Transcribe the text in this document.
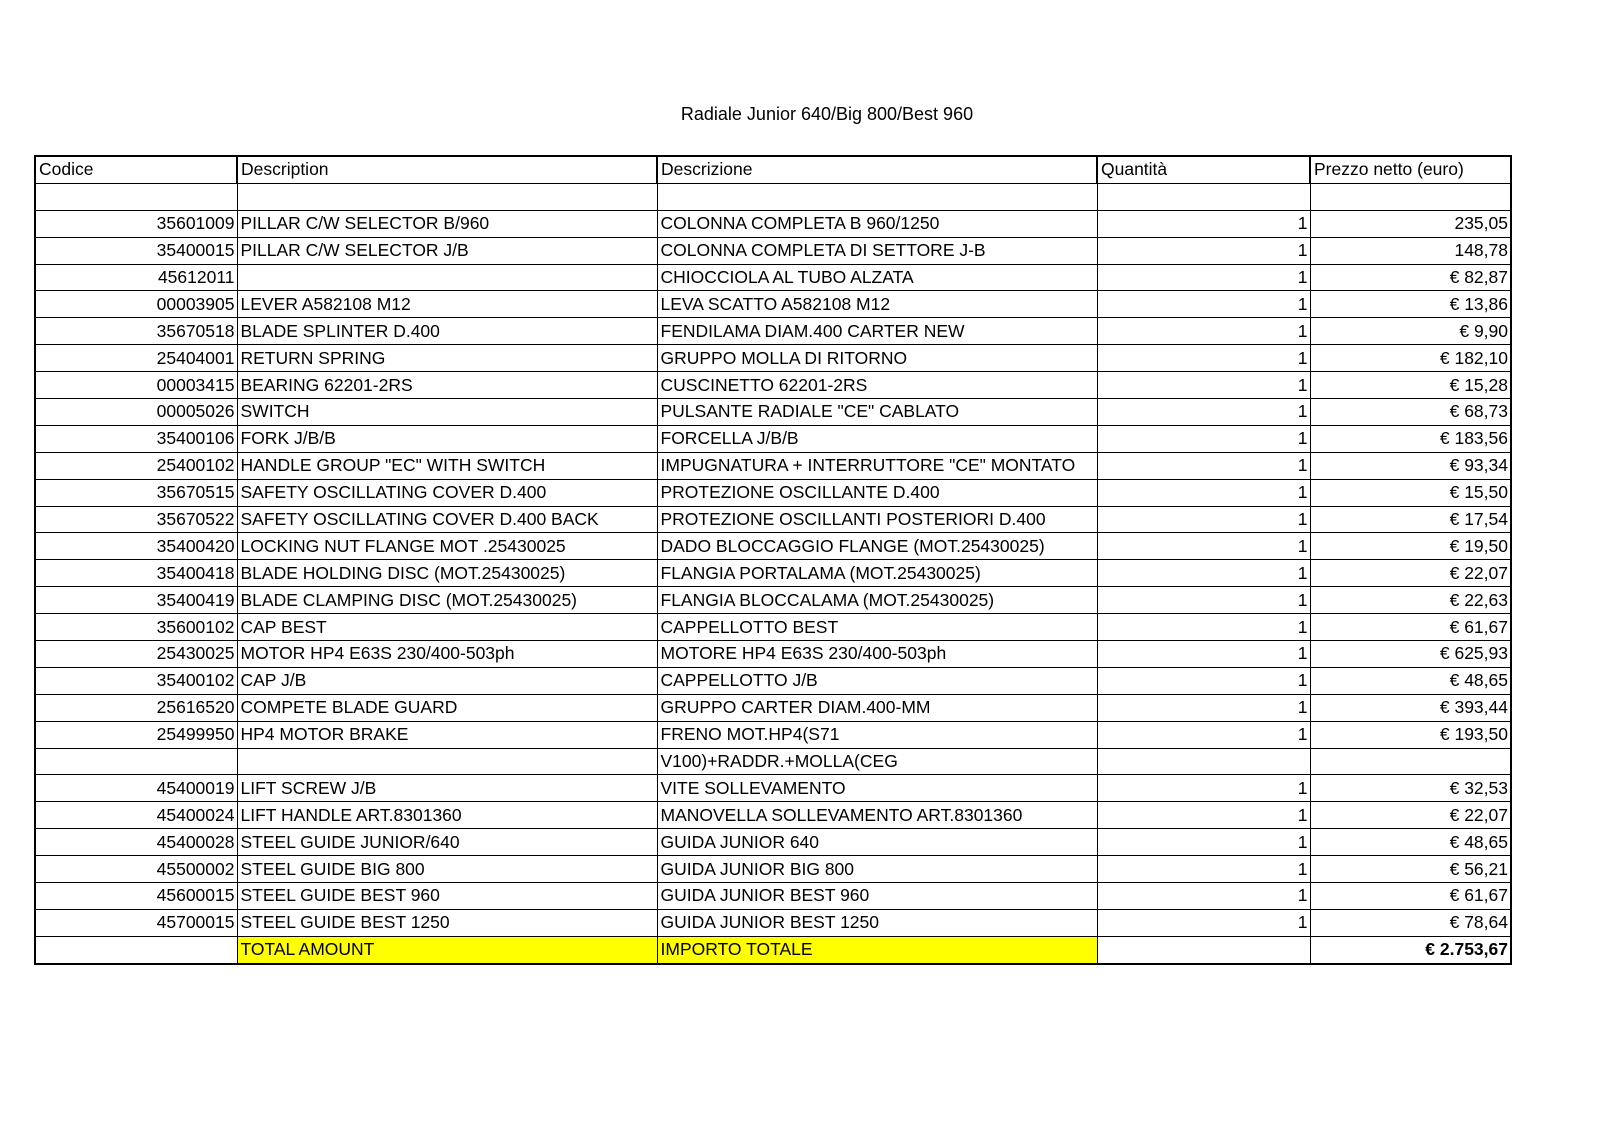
Radiale Junior 640/Big 800/Best 960
Codice	Description	Descrizione	Quantità	Prezzo netto (euro)

35601009	PILLAR C/W SELECTOR B/960	COLONNA COMPLETA B 960/1250	1	235,05
35400015	PILLAR C/W SELECTOR J/B	COLONNA COMPLETA DI SETTORE J-B	1	148,78
45612011		CHIOCCIOLA AL TUBO ALZATA	1	€ 82,87
00003905	LEVER A582108 M12	LEVA SCATTO A582108 M12	1	€ 13,86
35670518	BLADE SPLINTER D.400	FENDILAMA DIAM.400 CARTER NEW	1	€ 9,90
25404001	RETURN SPRING	GRUPPO MOLLA DI RITORNO	1	€ 182,10
00003415	BEARING 62201-2RS	CUSCINETTO 62201-2RS	1	€ 15,28
00005026	SWITCH	PULSANTE RADIALE "CE" CABLATO	1	€ 68,73
35400106	FORK J/B/B	FORCELLA J/B/B	1	€ 183,56
25400102	HANDLE GROUP "EC" WITH SWITCH	IMPUGNATURA + INTERRUTTORE "CE" MONTATO	1	€ 93,34
35670515	SAFETY OSCILLATING COVER D.400	PROTEZIONE OSCILLANTE D.400	1	€ 15,50
35670522	SAFETY OSCILLATING COVER D.400 BACK	PROTEZIONE OSCILLANTI POSTERIORI D.400	1	€ 17,54
35400420	LOCKING NUT FLANGE MOT .25430025	DADO BLOCCAGGIO FLANGE (MOT.25430025)	1	€ 19,50
35400418	BLADE HOLDING DISC (MOT.25430025)	FLANGIA PORTALAMA (MOT.25430025)	1	€ 22,07
35400419	BLADE CLAMPING DISC (MOT.25430025)	FLANGIA BLOCCALAMA (MOT.25430025)	1	€ 22,63
35600102	CAP BEST	CAPPELLOTTO BEST	1	€ 61,67
25430025	MOTOR HP4 E63S 230/400-503ph	MOTORE HP4 E63S 230/400-503ph	1	€ 625,93
35400102	CAP J/B	CAPPELLOTTO J/B	1	€ 48,65
25616520	COMPETE BLADE GUARD	GRUPPO CARTER DIAM.400-MM	1	€ 393,44
25499950	HP4 MOTOR BRAKE	FRENO MOT.HP4(S71	1	€ 193,50
		V100)+RADDR.+MOLLA(CEG		
45400019	LIFT SCREW J/B	VITE SOLLEVAMENTO	1	€ 32,53
45400024	LIFT HANDLE ART.8301360	MANOVELLA SOLLEVAMENTO ART.8301360	1	€ 22,07
45400028	STEEL GUIDE JUNIOR/640	GUIDA JUNIOR 640	1	€ 48,65
45500002	STEEL GUIDE BIG 800	GUIDA JUNIOR BIG 800	1	€ 56,21
45600015	STEEL GUIDE BEST 960	GUIDA JUNIOR BEST 960	1	€ 61,67
45700015	STEEL GUIDE BEST 1250	GUIDA JUNIOR BEST 1250	1	€ 78,64
	TOTAL AMOUNT	IMPORTO TOTALE		€ 2.753,67
